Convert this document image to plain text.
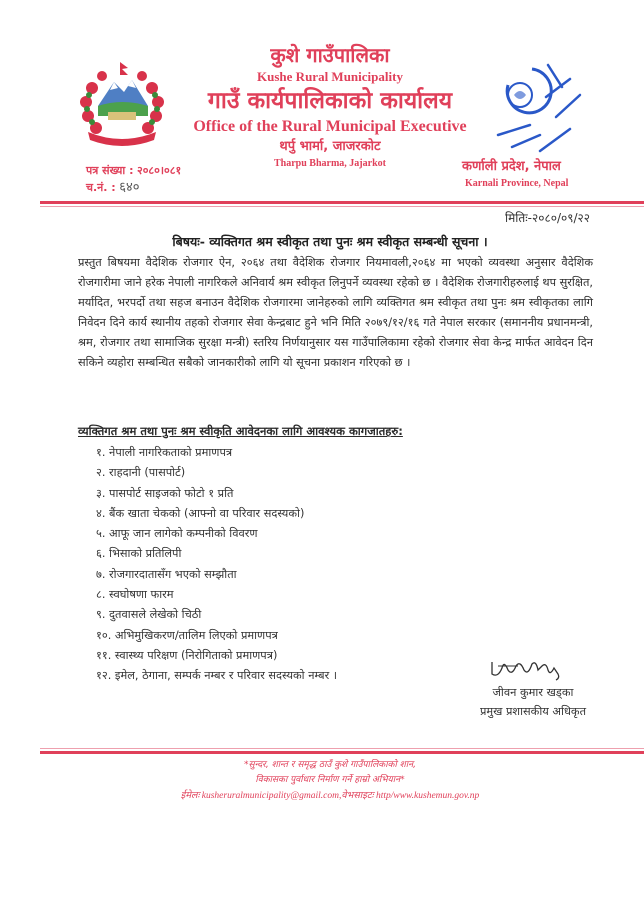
कुशे गाउँपालिका
Kushe Rural Municipality
गाउँ कार्यपालिकाको कार्यालय
Office of the Rural Municipal Executive
थर्पु भार्मा, जाजरकोट
Tharpu Bharma, Jajarkot
पत्र संख्या : २०८०।०८१
च.नं. : ६४०
कर्णाली प्रदेश, नेपाल
Karnali Province, Nepal
मितिः-२०८०/०९/२२
बिषयः- व्यक्तिगत श्रम स्वीकृत तथा पुनः श्रम स्वीकृत सम्बन्धी सूचना ।
प्रस्तुत बिषयमा वैदेशिक रोजगार ऐन, २०६४ तथा वैदेशिक रोजगार नियमावली,२०६४ मा भएको व्यवस्था अनुसार वैदेशिक रोजगारीमा जाने हरेक नेपाली नागरिकले अनिवार्य श्रम स्वीकृत लिनुपर्ने व्यवस्था रहेको छ । वैदेशिक रोजगारीहरुलाई थप सुरक्षित, मर्यादित, भरपर्दो तथा सहज बनाउन वैदेशिक रोजगारमा जानेहरुको लागि व्यक्तिगत श्रम स्वीकृत तथा पुनः श्रम स्वीकृतका लागि निवेदन दिने कार्य स्थानीय तहको रोजगार सेवा केन्द्रबाट हुने भनि मिति २०७९/१२/१६ गते नेपाल सरकार (समाननीय प्रधानमन्त्री, श्रम, रोजगार तथा सामाजिक सुरक्षा मन्त्री) स्तरिय निर्णयानुसार यस गाउँपालिकामा रहेको रोजगार सेवा केन्द्र मार्फत आवेदन दिन सकिने व्यहोरा सम्बन्धित सबैको जानकारीको लागि यो सूचना प्रकाशन गरिएको छ ।
व्यक्तिगत श्रम तथा पुनः श्रम स्वीकृति आवेदनका लागि आवश्यक कागजातहरु:
१. नेपाली नागरिकताको प्रमाणपत्र
२. राहदानी (पासपोर्ट)
३. पासपोर्ट साइजको फोटो १ प्रति
४. बैंक खाता चेकको (आफ्नो वा परिवार सदस्यको)
५. आफू जान लागेको कम्पनीको विवरण
६. भिसाको प्रतिलिपी
७. रोजगारदातासँग भएको सम्झौता
८. स्वघोषणा फारम
९. दुतवासले लेखेको चिठी
१०. अभिमुखिकरण/तालिम लिएको प्रमाणपत्र
११. स्वास्थ्य परिक्षण (निरोगिताको प्रमाणपत्र)
१२. इमेल, ठेगाना, सम्पर्क नम्बर र परिवार सदस्यको नम्बर ।
जीवन कुमार खड्का
प्रमुख प्रशासकीय अधिकृत
*सुन्दर, शान्त र समृद्ध ठाउँ कुशे गाउँपालिकाको शान,
विकासका पुर्वाधार निर्माण गर्ने हाम्रो अभियान*
ईमेलः kusheruralmunicipality@gmail.com,वेभसाइटः http/www.kushemun.gov.np
